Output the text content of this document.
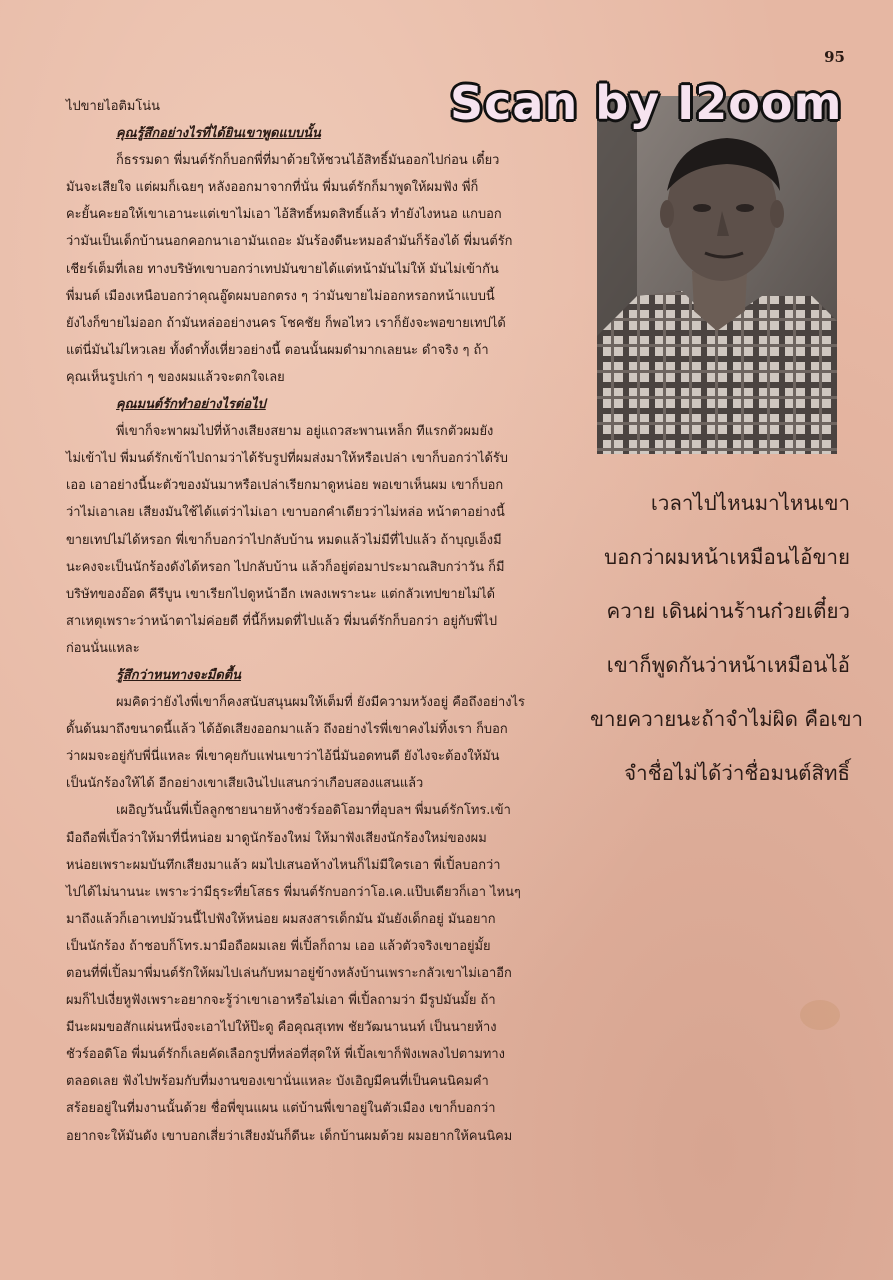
95
Scan by I2oom
เวลาไปไหนมาไหนเขา
บอกว่าผมหน้าเหมือนไอ้ขาย
ควาย เดินผ่านร้านก๋วยเตี๋ยว
เขาก็พูดกันว่าหน้าเหมือนไอ้
ขายควายนะถ้าจำไม่ผิด คือเขา
จำชื่อไม่ได้ว่าชื่อมนต์สิทธิ์
ไปขายไอติมโน่น
คุณรู้สึกอย่างไรที่ได้ยินเขาพูดแบบนั้น
ก็ธรรมดา พี่มนต์รักก็บอกพี่ที่มาด้วยให้ชวนไอ้สิทธิ์มันออกไปก่อน เดี๋ยว
มันจะเสียใจ แต่ผมก็เฉยๆ หลังออกมาจากที่นั่น พี่มนต์รักก็มาพูดให้ผมฟัง พี่ก็
คะยั้นคะยอให้เขาเอานะแต่เขาไม่เอา ไอ้สิทธิ์หมดสิทธิ์แล้ว ทำยังไงหนอ แกบอก
ว่ามันเป็นเด็กบ้านนอกคอกนาเอามันเถอะ มันร้องดีนะหมอลำมันก็ร้องได้ พี่มนต์รัก
เชียร์เต็มที่เลย ทางบริษัทเขาบอกว่าเทปมันขายได้แต่หน้ามันไม่ให้ มันไม่เข้ากัน
พี่มนต์ เมืองเหนือบอกว่าคุณอู๊ดผมบอกตรง ๆ ว่ามันขายไม่ออกหรอกหน้าแบบนี้
ยังไงก็ขายไม่ออก ถ้ามันหล่ออย่างนคร โชคชัย ก็พอไหว เราก็ยังจะพอขายเทปได้
แต่นี่มันไม่ไหวเลย ทั้งดำทั้งเหี่ยวอย่างนี้ ตอนนั้นผมดำมากเลยนะ ดำจริง ๆ ถ้า
คุณเห็นรูปเก่า ๆ ของผมแล้วจะตกใจเลย
คุณมนต์รักทำอย่างไรต่อไป
พี่เขาก็จะพาผมไปที่ห้างเสียงสยาม อยู่แถวสะพานเหล็ก ทีแรกตัวผมยัง
ไม่เข้าไป พี่มนต์รักเข้าไปถามว่าได้รับรูปที่ผมส่งมาให้หรือเปล่า เขาก็บอกว่าได้รับ
เออ เอาอย่างนี้นะตัวของมันมาหรือเปล่าเรียกมาดูหน่อย พอเขาเห็นผม เขาก็บอก
ว่าไม่เอาเลย เสียงมันใช้ได้แต่ว่าไม่เอา เขาบอกคำเดียวว่าไม่หล่อ หน้าตาอย่างนี้
ขายเทปไม่ได้หรอก พี่เขาก็บอกว่าไปกลับบ้าน หมดแล้วไม่มีที่ไปแล้ว ถ้าบุญเอ็งมี
นะคงจะเป็นนักร้องดังได้หรอก ไปกลับบ้าน แล้วก็อยู่ต่อมาประมาณสิบกว่าวัน ก็มี
บริษัทของอ๊อด คีรีบูน เขาเรียกไปดูหน้าอีก เพลงเพราะนะ แต่กลัวเทปขายไม่ได้
สาเหตุเพราะว่าหน้าตาไม่ค่อยดี ที่นี้ก็หมดที่ไปแล้ว พี่มนต์รักก็บอกว่า อยู่กับพี่ไป
ก่อนนั่นแหละ
รู้สึกว่าหนทางจะมืดตื้น
ผมคิดว่ายังไงพี่เขาก็คงสนับสนุนผมให้เต็มที่ ยังมีความหวังอยู่ คือถึงอย่างไร
ดั้นด้นมาถึงขนาดนี้แล้ว ได้อัดเสียงออกมาแล้ว ถึงอย่างไรพี่เขาคงไม่ทิ้งเรา ก็บอก
ว่าผมจะอยู่กับพี่นี่แหละ พี่เขาคุยกับแฟนเขาว่าไอ้นี่มันอดทนดี ยังไงจะต้องให้มัน
เป็นนักร้องให้ได้ อีกอย่างเขาเสียเงินไปแสนกว่าเกือบสองแสนแล้ว
เผอิญวันนั้นพี่เปิ้ลลูกชายนายห้างชัวร์ออดิโอมาที่อุบลฯ พี่มนต์รักโทร.เข้า
มือถือพี่เปิ้ลว่าให้มาที่นี่หน่อย มาดูนักร้องใหม่ ให้มาฟังเสียงนักร้องใหม่ของผม
หน่อยเพราะผมบันทึกเสียงมาแล้ว ผมไปเสนอห้างไหนก็ไม่มีใครเอา พี่เปิ้ลบอกว่า
ไปได้ไม่นานนะ เพราะว่ามีธุระที่ยโสธร พี่มนต์รักบอกว่าโอ.เค.แป๊บเดียวก็เอา ไหนๆ
มาถึงแล้วก็เอาเทปม้วนนี้ไปฟังให้หน่อย ผมสงสารเด็กมัน มันยังเด็กอยู่ มันอยาก
เป็นนักร้อง ถ้าชอบก็โทร.มามือถือผมเลย พี่เปิ้ลก็ถาม เออ แล้วตัวจริงเขาอยู่มั้ย
ตอนที่พี่เปิ้ลมาพี่มนต์รักให้ผมไปเล่นกับหมาอยู่ข้างหลังบ้านเพราะกลัวเขาไม่เอาอีก
ผมก็ไปเงี่ยหูฟังเพราะอยากจะรู้ว่าเขาเอาหรือไม่เอา พี่เปิ้ลถามว่า มีรูปมันมั้ย ถ้า
มีนะผมขอสักแผ่นหนึ่งจะเอาไปให้ป๊ะดู คือคุณสุเทพ ชัยวัฒนานนท์ เป็นนายห้าง
ชัวร์ออดิโอ พี่มนต์รักก็เลยคัดเลือกรูปที่หล่อที่สุดให้ พี่เปิ้ลเขาก็ฟังเพลงไปตามทาง
ตลอดเลย ฟังไปพร้อมกับที่มงานของเขานั่นแหละ บังเอิญมีคนที่เป็นคนนิคมคำ
สร้อยอยู่ในที่มงานนั้นด้วย ชื่อพี่ขุนแผน แต่บ้านพี่เขาอยู่ในตัวเมือง เขาก็บอกว่า
อยากจะให้มันดัง เขาบอกเสี่ยว่าเสียงมันก็ดีนะ เด็กบ้านผมด้วย ผมอยากให้คนนิคม
